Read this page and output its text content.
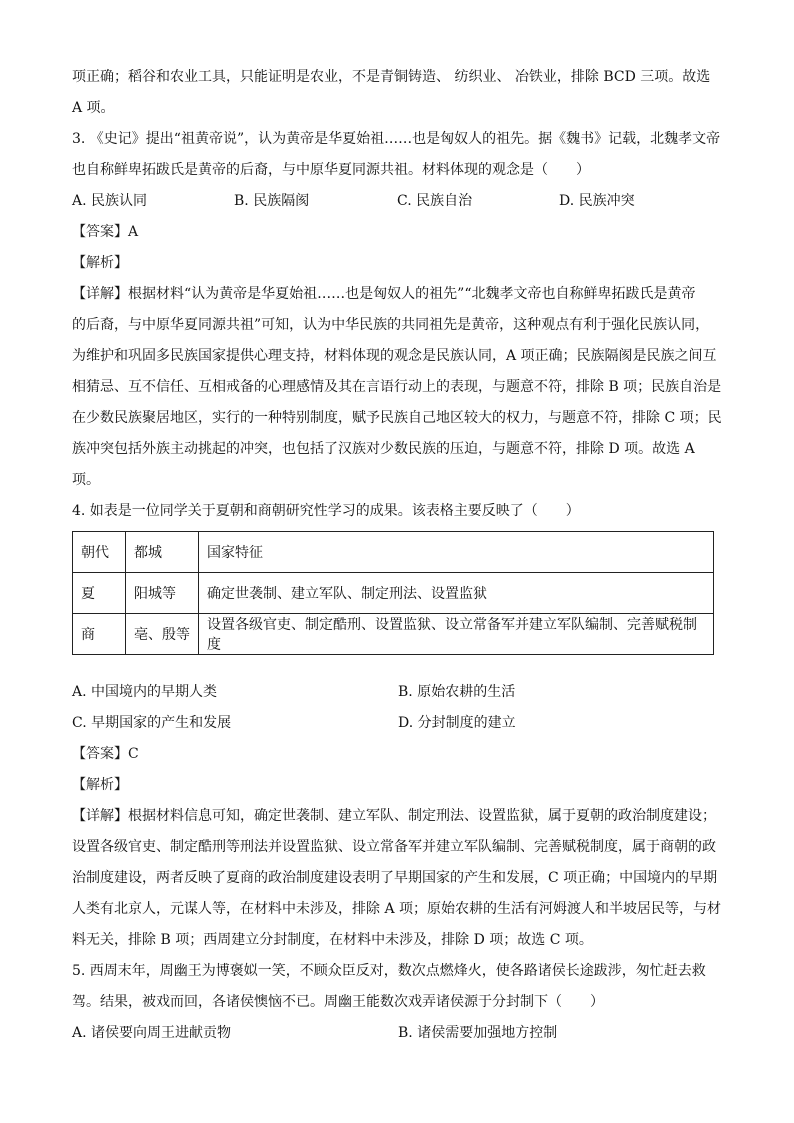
项正确；稻谷和农业工具，只能证明是农业，不是青铜铸造、 纺织业、 冶铁业，排除 BCD 三项。故选

A 项。

3. 《史记》提出“祖黄帝说”，认为黄帝是华夏始祖……也是匈奴人的祖先。据《魏书》记载，北魏孝文帝

也自称鲜卑拓跋氏是黄帝的后裔，与中原华夏同源共祖。材料体现的观念是（　　）

A. 民族认同	B. 民族隔阂	C. 民族自治	D. 民族冲突

【答案】A

【解析】

【详解】根据材料“认为黄帝是华夏始祖……也是匈奴人的祖先”“北魏孝文帝也自称鲜卑拓跋氏是黄帝

的后裔，与中原华夏同源共祖”可知，认为中华民族的共同祖先是黄帝，这种观点有利于强化民族认同，

为维护和巩固多民族国家提供心理支持，材料体现的观念是民族认同，A 项正确；民族隔阂是民族之间互

相猜忌、互不信任、互相戒备的心理感情及其在言语行动上的表现，与题意不符，排除 B 项；民族自治是

在少数民族聚居地区，实行的一种特别制度，赋予民族自己地区较大的权力，与题意不符，排除 C 项；民

族冲突包括外族主动挑起的冲突，也包括了汉族对少数民族的压迫，与题意不符，排除 D 项。故选 A 项。

4. 如表是一位同学关于夏朝和商朝研究性学习的成果。该表格主要反映了（　　）

朝代	都城	国家特征
夏	阳城等	确定世袭制、建立军队、制定刑法、设置监狱
商	亳、殷等	设置各级官吏、制定酷刑、设置监狱、设立常备军并建立军队编制、完善赋税制度
A. 中国境内的早期人类	B. 原始农耕的生活
C. 早期国家的产生和发展	D. 分封制度的建立

【答案】C

【解析】

【详解】根据材料信息可知，确定世袭制、建立军队、制定刑法、设置监狱，属于夏朝的政治制度建设；

设置各级官吏、制定酷刑等刑法并设置监狱、设立常备军并建立军队编制、完善赋税制度，属于商朝的政

治制度建设，两者反映了夏商的政治制度建设表明了早期国家的产生和发展，C 项正确；中国境内的早期

人类有北京人，元谋人等，在材料中未涉及，排除 A 项；原始农耕的生活有河姆渡人和半坡居民等，与材

料无关，排除 B 项；西周建立分封制度，在材料中未涉及，排除 D 项；故选 C 项。

5. 西周末年，周幽王为博褒姒一笑，不顾众臣反对，数次点燃烽火，使各路诸侯长途跋涉，匆忙赶去救

驾。结果，被戏而回，各诸侯懊恼不已。周幽王能数次戏弄诸侯源于分封制下（　　）

A. 诸侯要向周王进献贡物	B. 诸侯需要加强地方控制
